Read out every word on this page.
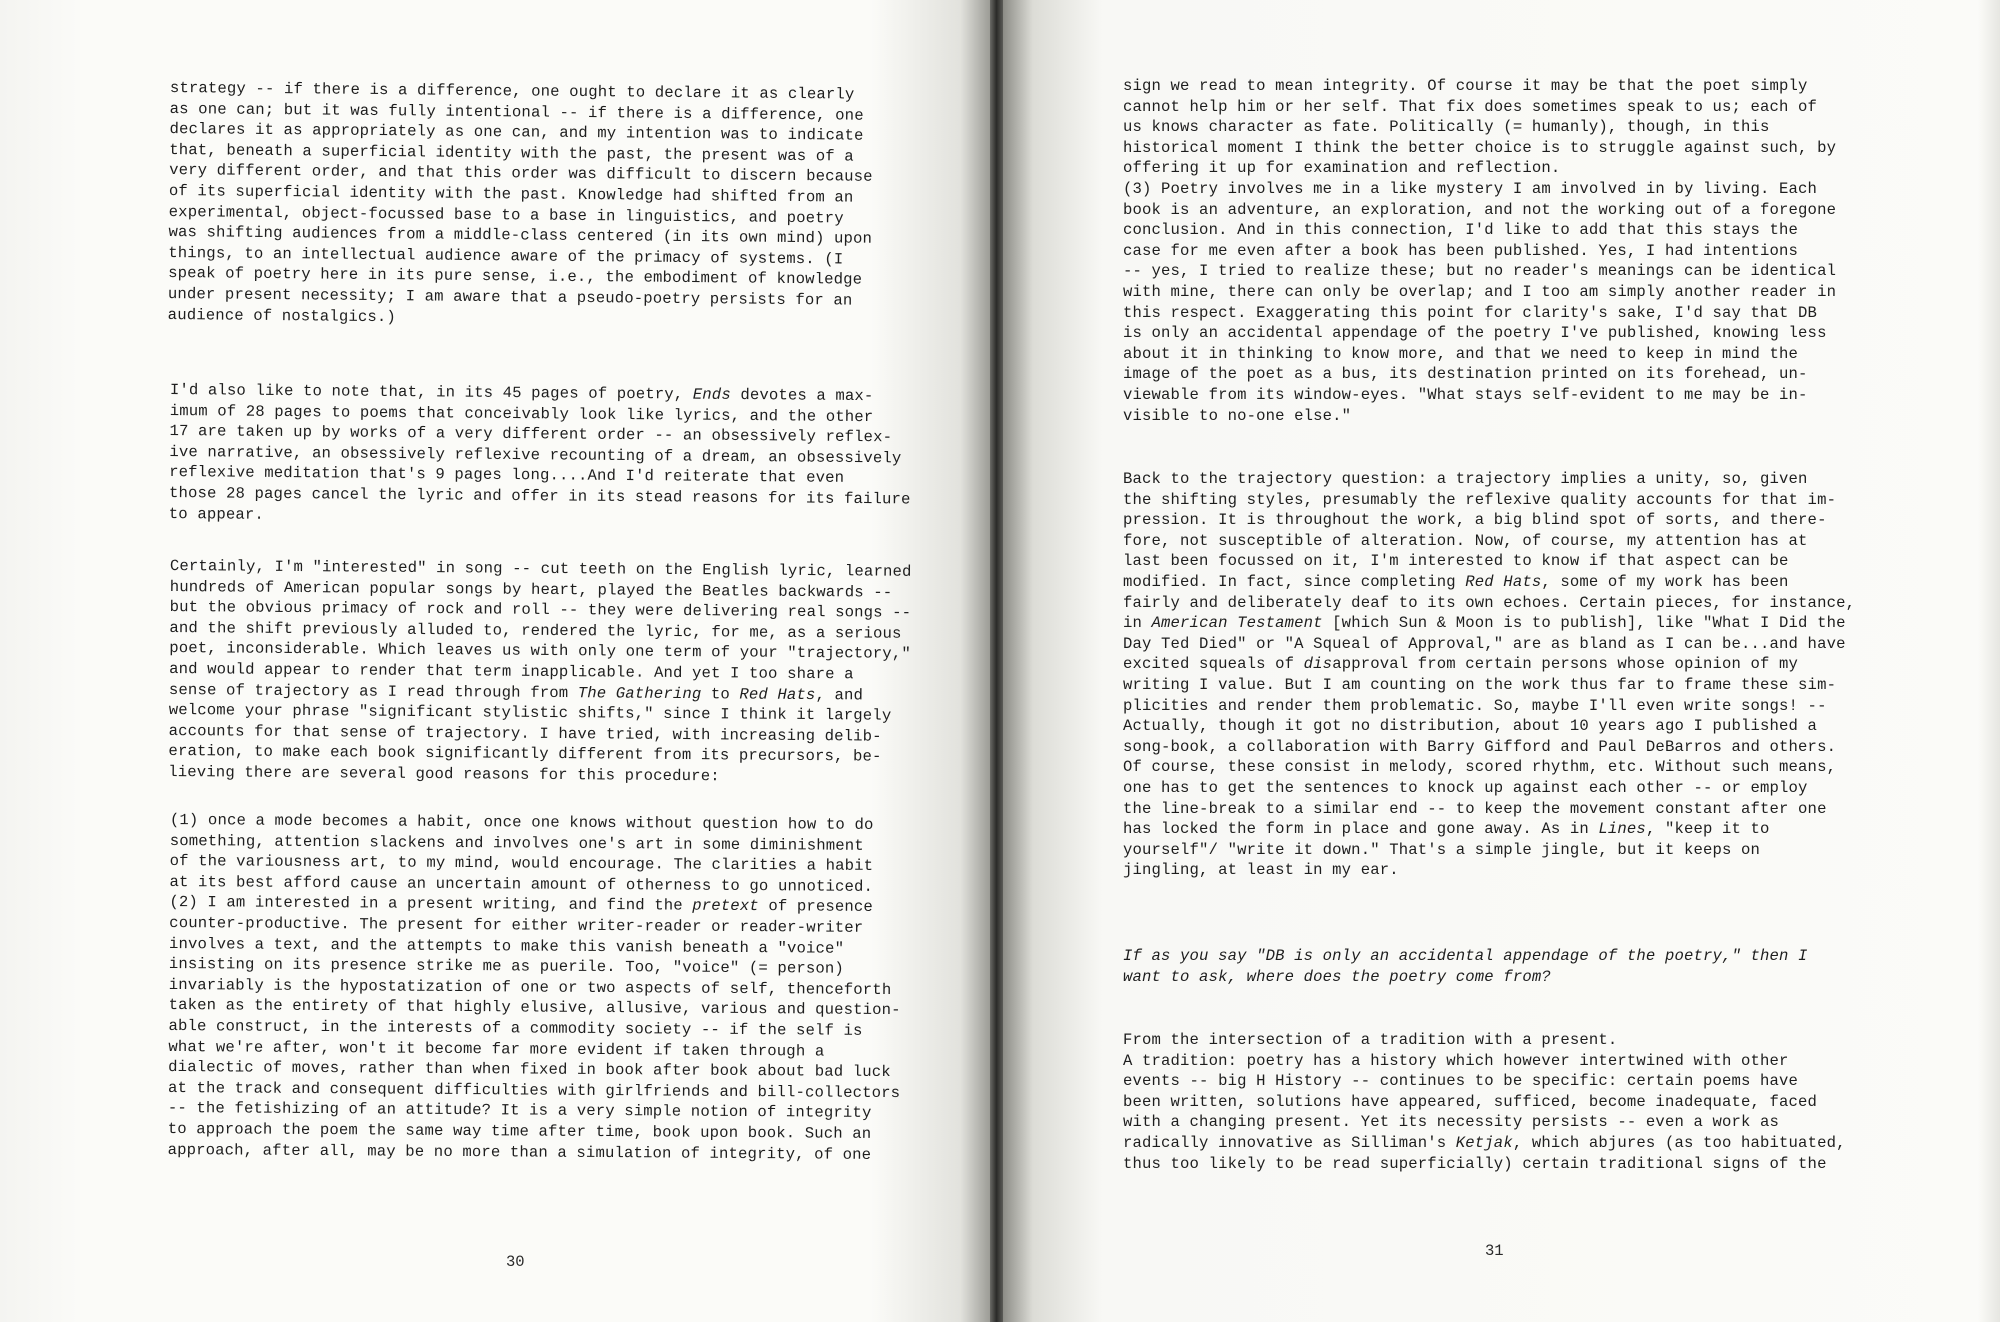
strategy -- if there is a difference, one ought to declare it as clearly
as one can; but it was fully intentional -- if there is a difference, one
declares it as appropriately as one can, and my intention was to indicate
that, beneath a superficial identity with the past, the present was of a
very different order, and that this order was difficult to discern because
of its superficial identity with the past. Knowledge had shifted from an
experimental, object-focussed base to a base in linguistics, and poetry
was shifting audiences from a middle-class centered (in its own mind) upon
things, to an intellectual audience aware of the primacy of systems. (I
speak of poetry here in its pure sense, i.e., the embodiment of knowledge
under present necessity; I am aware that a pseudo-poetry persists for an
audience of nostalgics.)

I'd also like to note that, in its 45 pages of poetry, Ends devotes a max-
imum of 28 pages to poems that conceivably look like lyrics, and the other
17 are taken up by works of a very different order -- an obsessively reflex-
ive narrative, an obsessively reflexive recounting of a dream, an obsessively
reflexive meditation that's 9 pages long....And I'd reiterate that even
those 28 pages cancel the lyric and offer in its stead reasons for its failure
to appear.

Certainly, I'm "interested" in song -- cut teeth on the English lyric, learned
hundreds of American popular songs by heart, played the Beatles backwards --
but the obvious primacy of rock and roll -- they were delivering real songs --
and the shift previously alluded to, rendered the lyric, for me, as a serious
poet, inconsiderable. Which leaves us with only one term of your "trajectory,"
and would appear to render that term inapplicable. And yet I too share a
sense of trajectory as I read through from The Gathering to Red Hats, and
welcome your phrase "significant stylistic shifts," since I think it largely
accounts for that sense of trajectory. I have tried, with increasing delib-
eration, to make each book significantly different from its precursors, be-
lieving there are several good reasons for this procedure:

(1) once a mode becomes a habit, once one knows without question how to do
something, attention slackens and involves one's art in some diminishment
of the variousness art, to my mind, would encourage. The clarities a habit
at its best afford cause an uncertain amount of otherness to go unnoticed.
(2) I am interested in a present writing, and find the pretext of presence
counter-productive. The present for either writer-reader or reader-writer
involves a text, and the attempts to make this vanish beneath a "voice"
insisting on its presence strike me as puerile. Too, "voice" (= person)
invariably is the hypostatization of one or two aspects of self, thenceforth
taken as the entirety of that highly elusive, allusive, various and question-
able construct, in the interests of a commodity society -- if the self is
what we're after, won't it become far more evident if taken through a
dialectic of moves, rather than when fixed in book after book about bad luck
at the track and consequent difficulties with girlfriends and bill-collectors
-- the fetishizing of an attitude? It is a very simple notion of integrity
to approach the poem the same way time after time, book upon book. Such an
approach, after all, may be no more than a simulation of integrity, of one

30

sign we read to mean integrity. Of course it may be that the poet simply
cannot help him or her self. That fix does sometimes speak to us; each of
us knows character as fate. Politically (= humanly), though, in this
historical moment I think the better choice is to struggle against such, by
offering it up for examination and reflection.
(3) Poetry involves me in a like mystery I am involved in by living. Each
book is an adventure, an exploration, and not the working out of a foregone
conclusion. And in this connection, I'd like to add that this stays the
case for me even after a book has been published. Yes, I had intentions
-- yes, I tried to realize these; but no reader's meanings can be identical
with mine, there can only be overlap; and I too am simply another reader in
this respect. Exaggerating this point for clarity's sake, I'd say that DB
is only an accidental appendage of the poetry I've published, knowing less
about it in thinking to know more, and that we need to keep in mind the
image of the poet as a bus, its destination printed on its forehead, un-
viewable from its window-eyes. "What stays self-evident to me may be in-
visible to no-one else."

Back to the trajectory question: a trajectory implies a unity, so, given
the shifting styles, presumably the reflexive quality accounts for that im-
pression. It is throughout the work, a big blind spot of sorts, and there-
fore, not susceptible of alteration. Now, of course, my attention has at
last been focussed on it, I'm interested to know if that aspect can be
modified. In fact, since completing Red Hats, some of my work has been
fairly and deliberately deaf to its own echoes. Certain pieces, for instance,
in American Testament [which Sun & Moon is to publish], like "What I Did the
Day Ted Died" or "A Squeal of Approval," are as bland as I can be...and have
excited squeals of disapproval from certain persons whose opinion of my
writing I value. But I am counting on the work thus far to frame these sim-
plicities and render them problematic. So, maybe I'll even write songs! --
Actually, though it got no distribution, about 10 years ago I published a
song-book, a collaboration with Barry Gifford and Paul DeBarros and others.
Of course, these consist in melody, scored rhythm, etc. Without such means,
one has to get the sentences to knock up against each other -- or employ
the line-break to a similar end -- to keep the movement constant after one
has locked the form in place and gone away. As in Lines, "keep it to
yourself"/ "write it down." That's a simple jingle, but it keeps on
jingling, at least in my ear.

If as you say "DB is only an accidental appendage of the poetry," then I
want to ask, where does the poetry come from?

From the intersection of a tradition with a present.
A tradition: poetry has a history which however intertwined with other
events -- big H History -- continues to be specific: certain poems have
been written, solutions have appeared, sufficed, become inadequate, faced
with a changing present. Yet its necessity persists -- even a work as
radically innovative as Silliman's Ketjak, which abjures (as too habituated,
thus too likely to be read superficially) certain traditional signs of the

31
